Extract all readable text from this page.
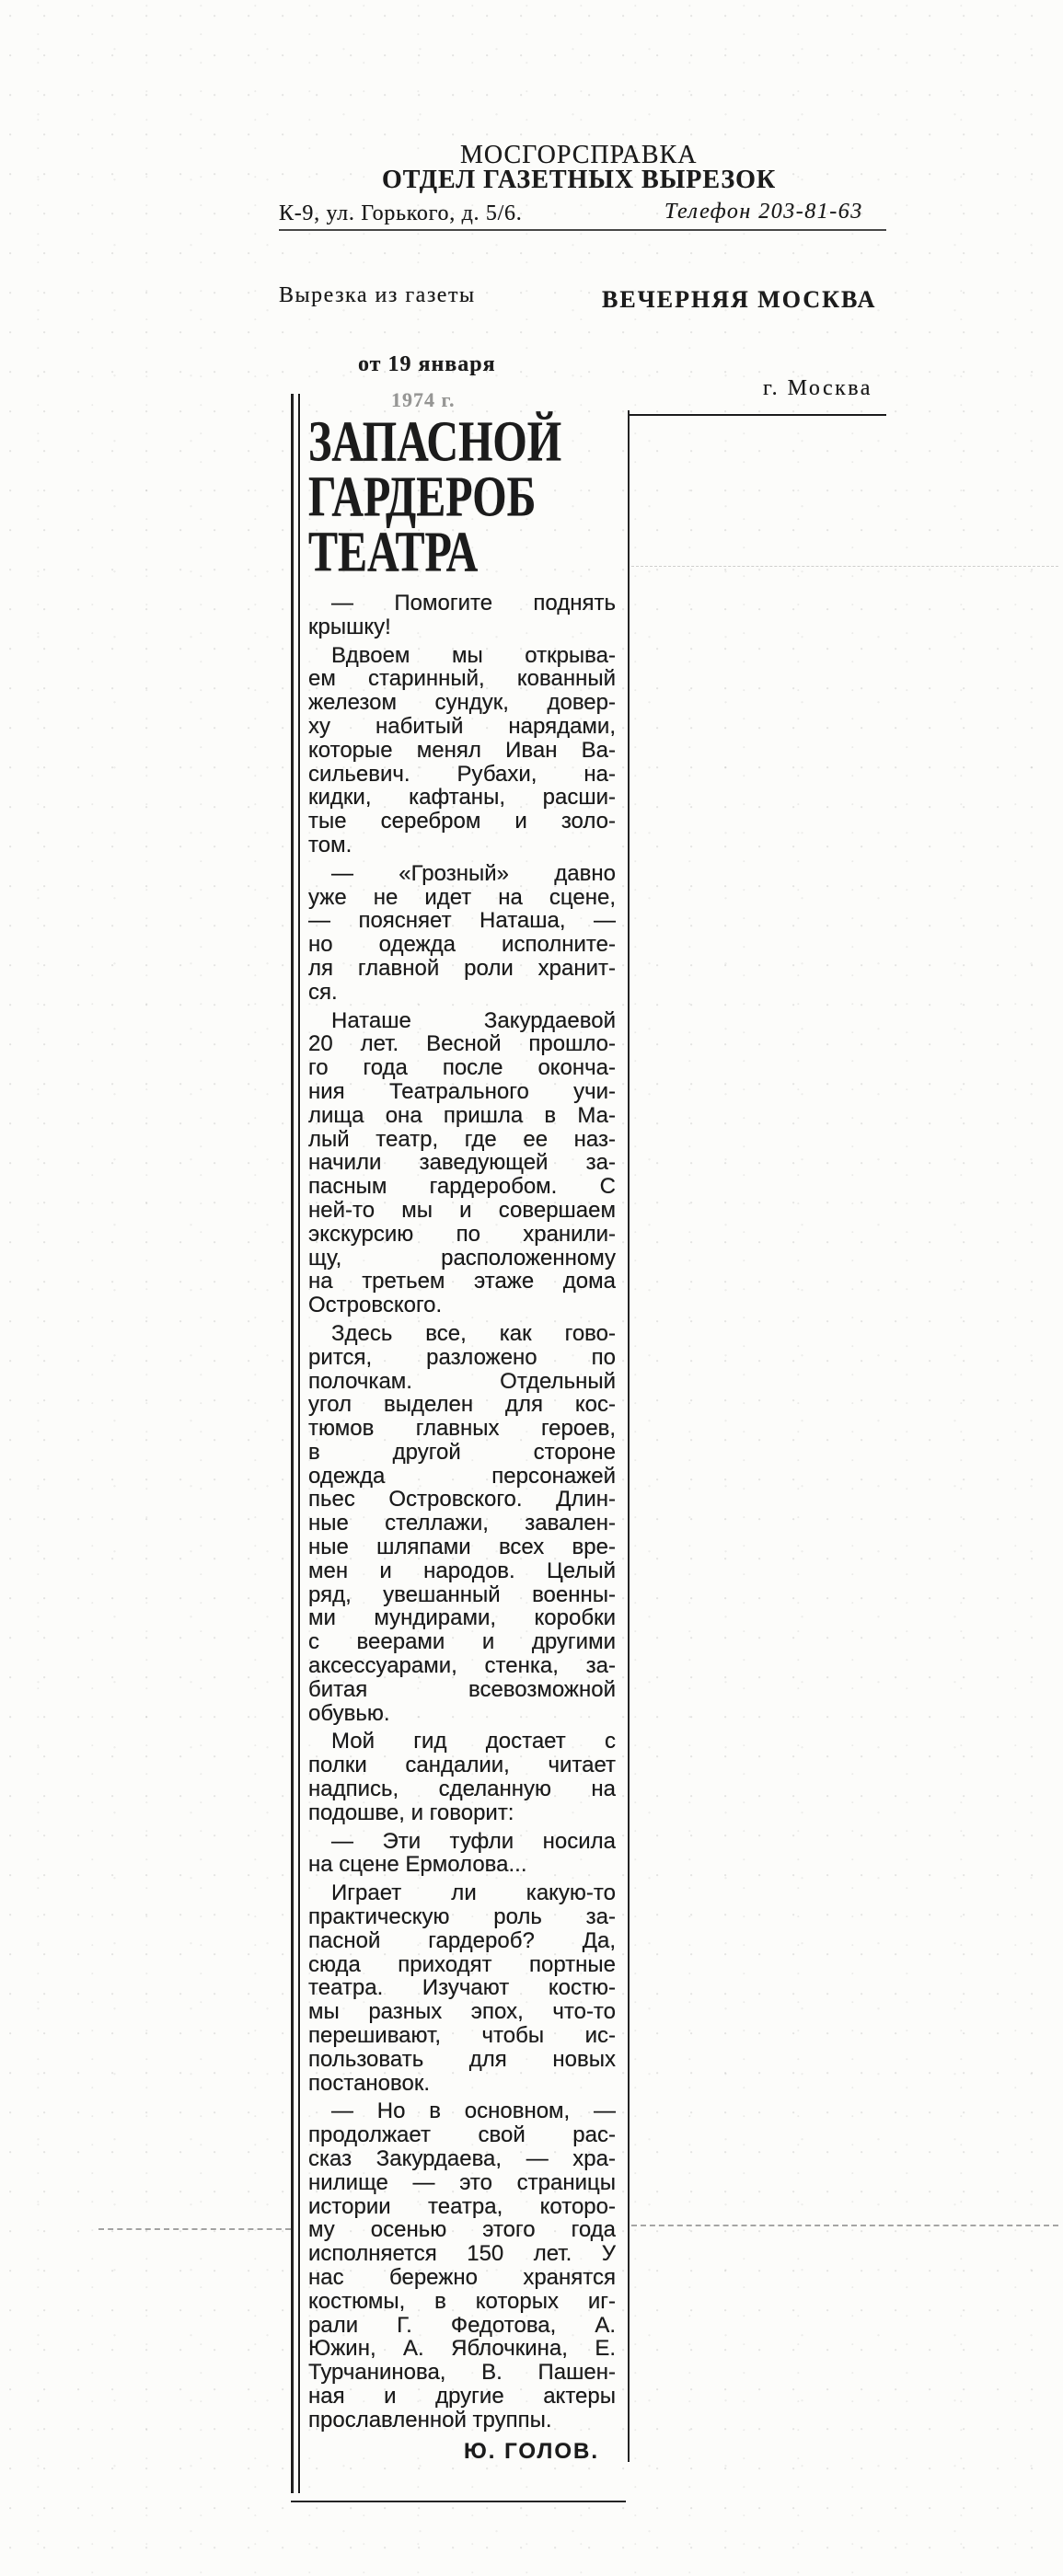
МОСГОРСПРАВКА
ОТДЕЛ ГАЗЕТНЫХ ВЫРЕЗОК
К-9, ул. Горького, д. 5/6.	Телефон 203-81-63
Вырезка из газеты	ВЕЧЕРНЯЯ МОСКВА
от 19 января
1974 г.	г. Москва
ЗАПАСНОЙ
ГАРДЕРОБ
ТЕАТРА
— Помогите поднять
крышку!
Вдвоем мы открыва-
ем старинный, кованный
железом сундук, довер-
ху набитый нарядами,
которые менял Иван Ва-
сильевич. Рубахи, на-
кидки, кафтаны, расши-
тые серебром и золо-
том.
— «Грозный» давно
уже не идет на сцене,
— поясняет Наташа, —
но одежда исполните-
ля главной роли хранит-
ся.
Наташе Закурдаевой
20 лет. Весной прошло-
го года после оконча-
ния Театрального учи-
лища она пришла в Ма-
лый театр, где ее наз-
начили заведующей за-
пасным гардеробом. С
ней-то мы и совершаем
экскурсию по хранили-
щу, расположенному
на третьем этаже дома
Островского.
Здесь все, как гово-
рится, разложено по
полочкам. Отдельный
угол выделен для кос-
тюмов главных героев,
в другой стороне
одежда персонажей
пьес Островского. Длин-
ные стеллажи, завален-
ные шляпами всех вре-
мен и народов. Целый
ряд, увешанный военны-
ми мундирами, коробки
с веерами и другими
аксессуарами, стенка, за-
битая всевозможной
обувью.
Мой гид достает с
полки сандалии, читает
надпись, сделанную на
подошве, и говорит:
— Эти туфли носила
на сцене Ермолова...
Играет ли какую-то
практическую роль за-
пасной гардероб? Да,
сюда приходят портные
театра. Изучают костю-
мы разных эпох, что-то
перешивают, чтобы ис-
пользовать для новых
постановок.
— Но в основном, —
продолжает свой рас-
сказ Закурдаева, — хра-
нилище — это страницы
истории театра, которо-
му осенью этого года
исполняется 150 лет. У
нас бережно хранятся
костюмы, в которых иг-
рали Г. Федотова, А.
Южин, А. Яблочкина, Е.
Турчанинова, В. Пашен-
ная и другие актеры
прославленной труппы.
Ю. ГОЛОВ.
